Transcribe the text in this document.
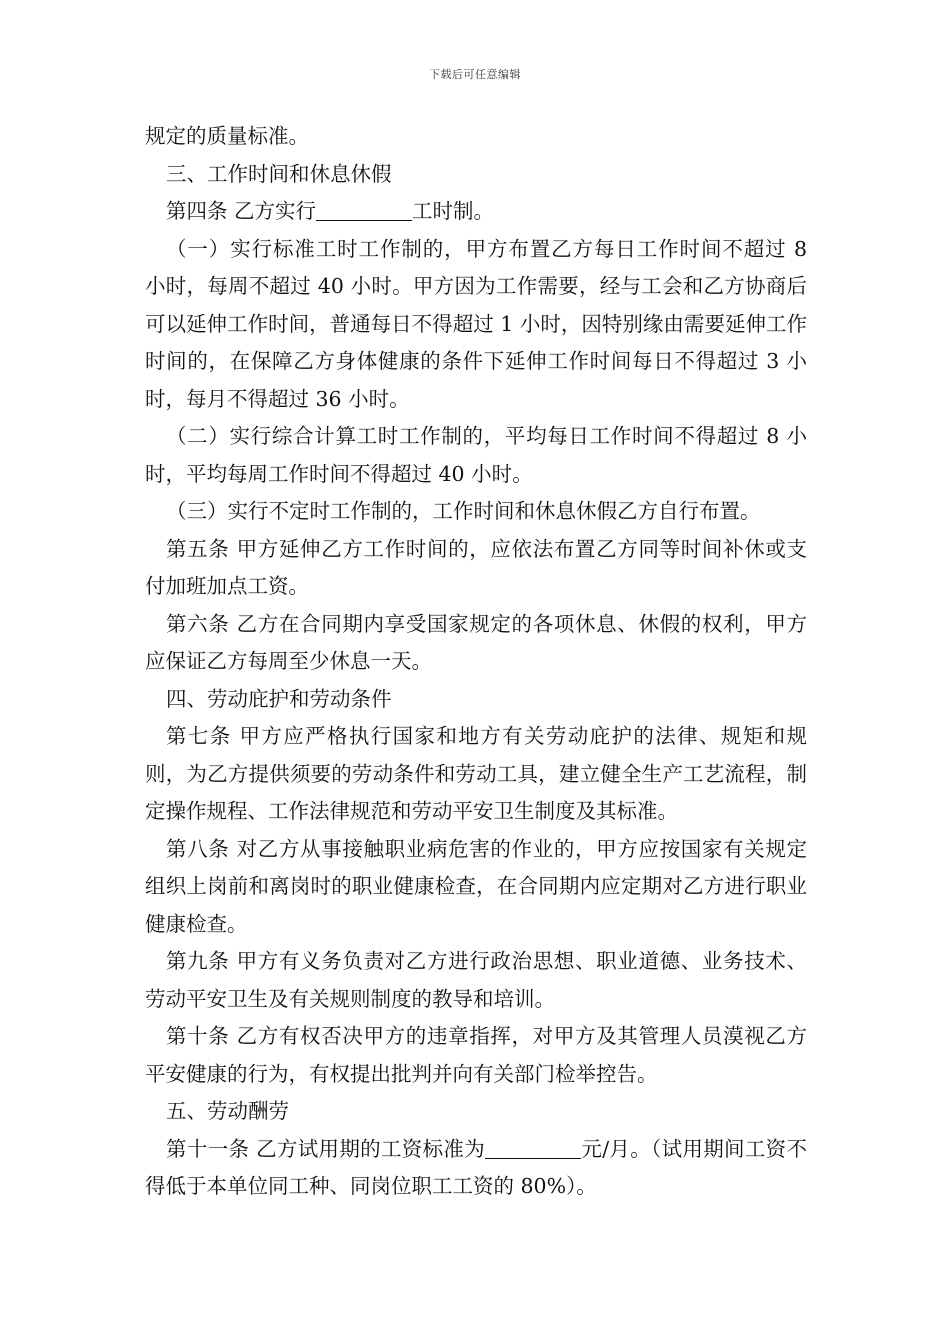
下载后可任意编辑

规定的质量标准。

三、工作时间和休息休假

第四条 乙方实行	工时制。

（一）实行标准工时工作制的，甲方布置乙方每日工作时间不超过 8 小时，每周不超过 40 小时。甲方因为工作需要，经与工会和乙方协商后可以延伸工作时间，普通每日不得超过 1 小时，因特别缘由需要延伸工作时间的，在保障乙方身体健康的条件下延伸工作时间每日不得超过 3 小时，每月不得超过 36 小时。

（二）实行综合计算工时工作制的，平均每日工作时间不得超过 8 小时，平均每周工作时间不得超过 40 小时。

（三）实行不定时工作制的，工作时间和休息休假乙方自行布置。

第五条 甲方延伸乙方工作时间的，应依法布置乙方同等时间补休或支付加班加点工资。

第六条 乙方在合同期内享受国家规定的各项休息、休假的权利，甲方应保证乙方每周至少休息一天。

四、劳动庇护和劳动条件

第七条 甲方应严格执行国家和地方有关劳动庇护的法律、规矩和规则，为乙方提供须要的劳动条件和劳动工具，建立健全生产工艺流程，制定操作规程、工作法律规范和劳动平安卫生制度及其标准。

第八条 对乙方从事接触职业病危害的作业的，甲方应按国家有关规定组织上岗前和离岗时的职业健康检查，在合同期内应定期对乙方进行职业健康检查。

第九条 甲方有义务负责对乙方进行政治思想、职业道德、业务技术、劳动平安卫生及有关规则制度的教导和培训。

第十条 乙方有权否决甲方的违章指挥，对甲方及其管理人员漠视乙方平安健康的行为，有权提出批判并向有关部门检举控告。

五、劳动酬劳

第十一条 乙方试用期的工资标准为	元/月。（试用期间工资不得低于本单位同工种、同岗位职工工资的 80%）。
